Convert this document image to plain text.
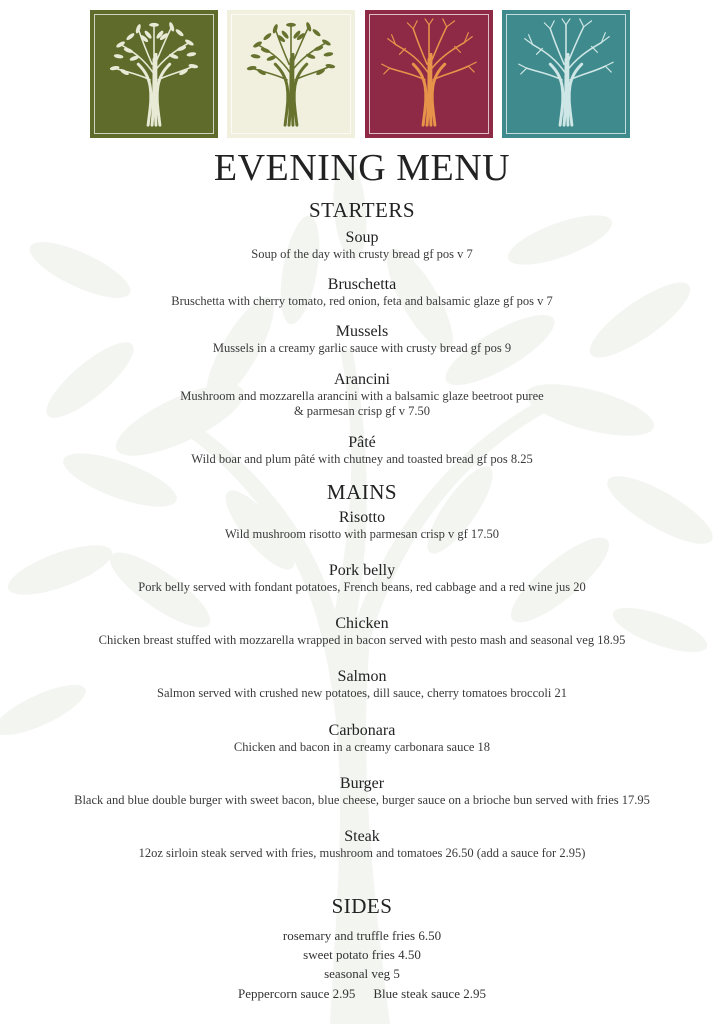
EVENING MENU
STARTERS
Soup
Soup of the day with crusty bread gf pos v 7
Bruschetta
Bruschetta with cherry tomato, red onion, feta and balsamic glaze gf pos v 7
Mussels
Mussels in a creamy garlic sauce with crusty bread gf pos 9
Arancini
Mushroom and mozzarella arancini with a balsamic glaze beetroot puree
& parmesan crisp gf v 7.50
Pâté
Wild boar and plum pâté with chutney and toasted bread gf pos 8.25
MAINS
Risotto
Wild mushroom risotto with parmesan crisp v gf 17.50
Pork belly
Pork belly served with fondant potatoes, French beans, red cabbage and a red wine jus 20
Chicken
Chicken breast stuffed with mozzarella wrapped in bacon served with pesto mash and seasonal veg 18.95
Salmon
Salmon served with crushed new potatoes, dill sauce, cherry tomatoes broccoli 21
Carbonara
Chicken and bacon in a creamy carbonara sauce 18
Burger
Black and blue double burger with sweet bacon, blue cheese, burger sauce on a brioche bun served with fries 17.95
Steak
12oz sirloin steak served with fries, mushroom and tomatoes 26.50 (add a sauce for 2.95)
SIDES
rosemary and truffle fries 6.50
sweet potato fries 4.50
seasonal veg 5
Peppercorn sauce 2.95 Blue steak sauce 2.95
